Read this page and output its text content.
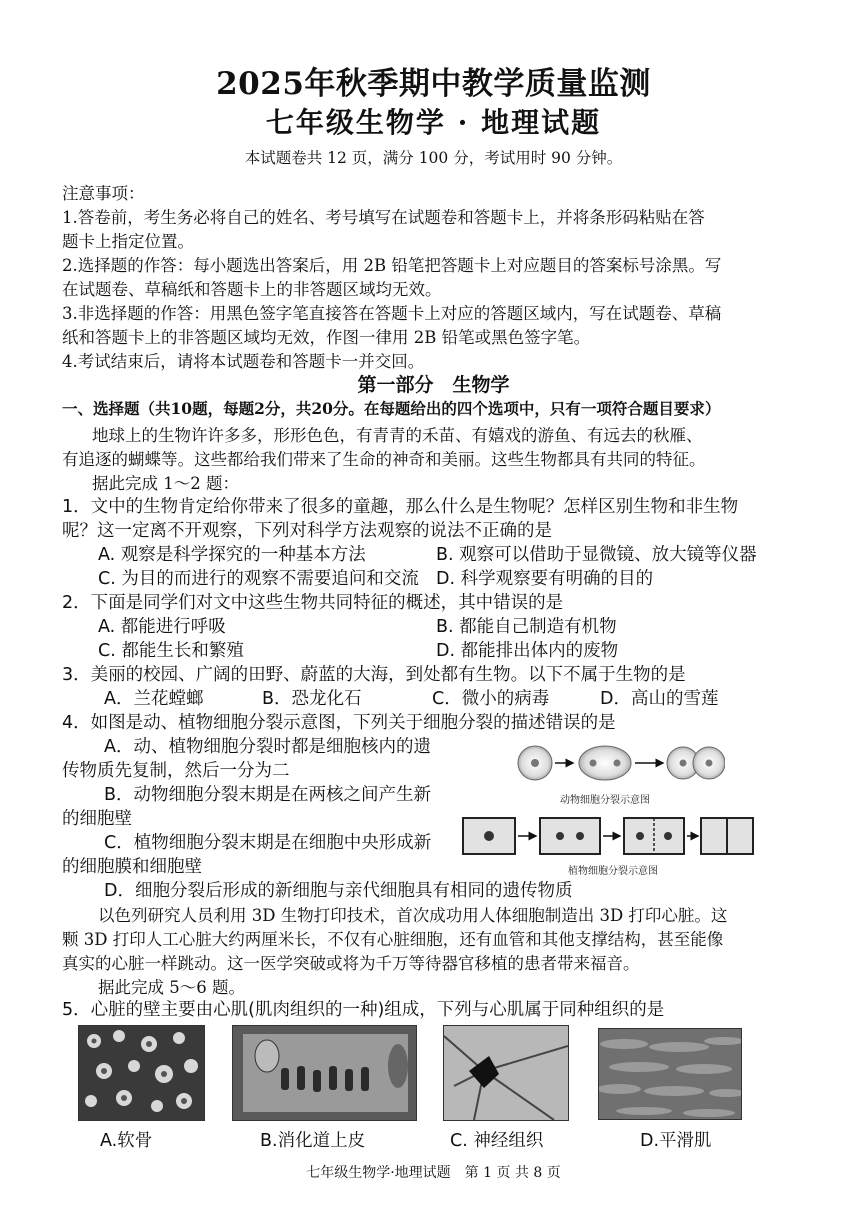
2025年秋季期中教学质量监测
七年级生物学 · 地理试题
本试题卷共 12 页，满分 100 分，考试用时 90 分钟。
注意事项：
1.答卷前，考生务必将自己的姓名、考号填写在试题卷和答题卡上，并将条形码粘贴在答
题卡上指定位置。
2.选择题的作答：每小题选出答案后，用 2B 铅笔把答题卡上对应题目的答案标号涂黑。写
在试题卷、草稿纸和答题卡上的非答题区域均无效。
3.非选择题的作答：用黑色签字笔直接答在答题卡上对应的答题区域内，写在试题卷、草稿
纸和答题卡上的非答题区域均无效，作图一律用 2B 铅笔或黑色签字笔。
4.考试结束后，请将本试题卷和答题卡一并交回。
第一部分　生物学
一、选择题（共10题，每题2分，共20分。在每题给出的四个选项中，只有一项符合题目要求）
地球上的生物许许多多，形形色色，有青青的禾苗、有嬉戏的游鱼、有远去的秋雁、
有追逐的蝴蝶等。这些都给我们带来了生命的神奇和美丽。这些生物都具有共同的特征。
据此完成 1～2 题：
1．文中的生物肯定给你带来了很多的童趣，那么什么是生物呢？怎样区别生物和非生物
呢？这一定离不开观察，下列对科学方法观察的说法不正确的是
A. 观察是科学探究的一种基本方法	B. 观察可以借助于显微镜、放大镜等仪器
C. 为目的而进行的观察不需要追问和交流 D. 科学观察要有明确的目的
2．下面是同学们对文中这些生物共同特征的概述，其中错误的是
A. 都能进行呼吸	B. 都能自己制造有机物
C. 都能生长和繁殖	D. 都能排出体内的废物
3．美丽的校园、广阔的田野、蔚蓝的大海，到处都有生物。以下不属于生物的是
A．兰花螳螂	B．恐龙化石	C．微小的病毒	D．高山的雪莲
4．如图是动、植物细胞分裂示意图，下列关于细胞分裂的描述错误的是
A．动、植物细胞分裂时都是细胞核内的遗
传物质先复制，然后一分为二
B．动物细胞分裂末期是在两核之间产生新
的细胞壁
C．植物细胞分裂末期是在细胞中央形成新
的细胞膜和细胞壁
D．细胞分裂后形成的新细胞与亲代细胞具有相同的遗传物质
动物细胞分裂示意图
植物细胞分裂示意图
以色列研究人员利用 3D 生物打印技术，首次成功用人体细胞制造出 3D 打印心脏。这
颗 3D 打印人工心脏大约两厘米长，不仅有心脏细胞，还有血管和其他支撑结构，甚至能像
真实的心脏一样跳动。这一医学突破或将为千万等待器官移植的患者带来福音。
据此完成 5～6 题。
5．心脏的壁主要由心肌(肌肉组织的一种)组成，下列与心肌属于同种组织的是
A.软骨	B.消化道上皮	C. 神经组织	D.平滑肌
七年级生物学·地理试题　第 1 页 共 8 页
